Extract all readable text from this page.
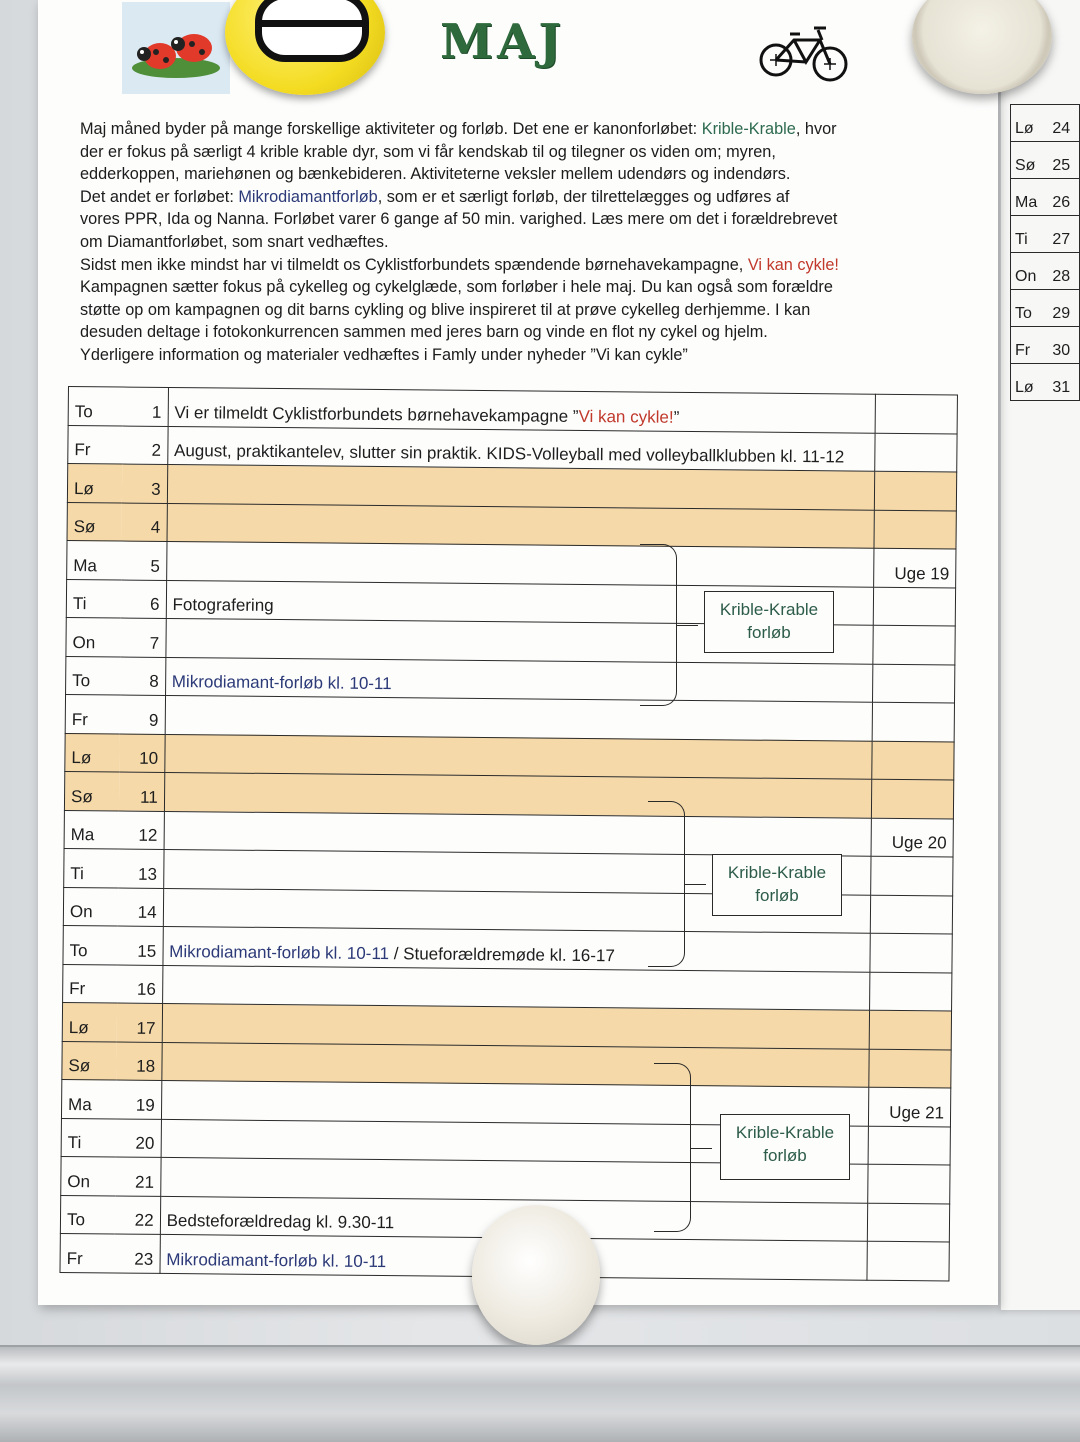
Lø	24
Sø	25
Ma	26
Ti	27
On	28
To	29
Fr	30
Lø	31
MAJ

Maj måned byder på mange forskellige aktiviteter og forløb. Det ene er kanonforløbet: Krible-Krable, hvor

der er fokus på særligt 4 krible krable dyr, som vi får kendskab til og tilegner os viden om; myren,

edderkoppen, mariehønen og bænkebideren. Aktiviteterne veksler mellem udendørs og indendørs.

Det andet er forløbet: Mikrodiamantforløb, som er et særligt forløb, der tilrettelægges og udføres af

vores PPR, Ida og Nanna. Forløbet varer 6 gange af 50 min. varighed. Læs mere om det i forældrebrevet

om Diamantforløbet, som snart vedhæftes.

Sidst men ikke mindst har vi tilmeldt os Cyklistforbundets spændende børnehavekampagne, Vi kan cykle!

Kampagnen sætter fokus på cykelleg og cykelglæde, som forløber i hele maj. Du kan også som forældre

støtte op om kampagnen og dit barns cykling og blive inspireret til at prøve cykelleg derhjemme. I kan

desuden deltage i fotokonkurrencen sammen med jeres barn og vinde en flot ny cykel og hjelm.

Yderligere information og materialer vedhæftes i Famly under nyheder ”Vi kan cykle”

To	1	Vi er tilmeldt Cyklistforbundets børnehavekampagne ”Vi kan cykle!”	
Fr	2	August, praktikantelev, slutter sin praktik. KIDS-Volleyball med volleyballklubben kl. 11-12	
Lø	3		
Sø	4		
Ma	5		Uge 19
Ti	6	Fotografering	
On	7		
To	8	Mikrodiamant-forløb kl. 10-11	
Fr	9		
Lø	10		
Sø	11		
Ma	12		Uge 20
Ti	13		
On	14		
To	15	Mikrodiamant-forløb kl. 10-11 / Stueforældremøde kl. 16-17	
Fr	16		
Lø	17		
Sø	18		
Ma	19		Uge 21
Ti	20		
On	21		
To	22	Bedsteforældredag kl. 9.30-11	
Fr	23	Mikrodiamant-forløb kl. 10-11	
Krible-Krable
forløb
Krible-Krable
forløb
Krible-Krable
forløb
